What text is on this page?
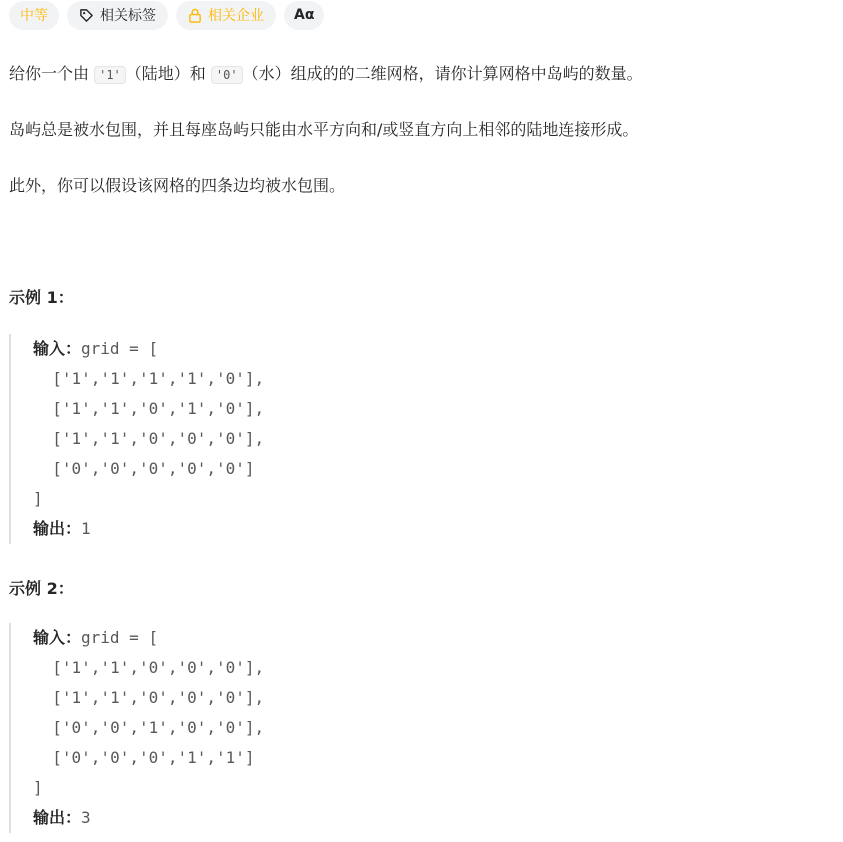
中等	相关标签	相关企业 Aα
给你一个由 '1' （陆地）和 '0' （水）组成的的二维网格，请你计算网格中岛屿的数量。
岛屿总是被水包围，并且每座岛屿只能由水平方向和/或竖直方向上相邻的陆地连接形成。
此外，你可以假设该网格的四条边均被水包围。
示例 1：
输入：grid = [
['1','1','1','1','0'],
['1','1','0','1','0'],
['1','1','0','0','0'],
['0','0','0','0','0']
]
输出：1
示例 2：
输入：grid = [
['1','1','0','0','0'],
['1','1','0','0','0'],
['0','0','1','0','0'],
['0','0','0','1','1']
]
输出：3
